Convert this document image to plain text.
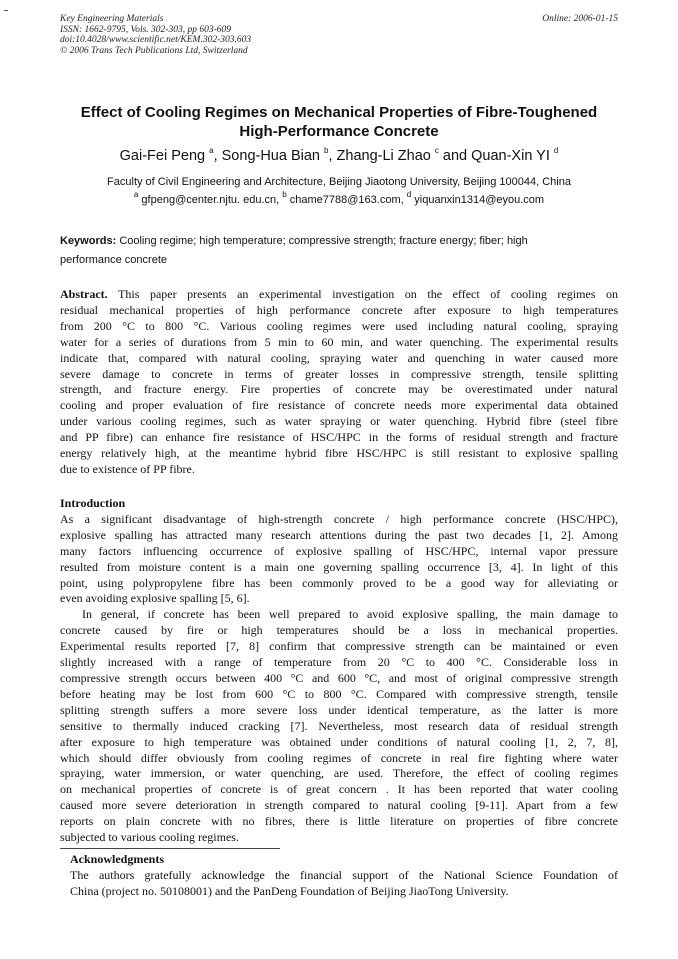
Key Engineering Materials
ISSN: 1662-9795, Vols. 302-303, pp 603-609
doi:10.4028/www.scientific.net/KEM.302-303.603
© 2006 Trans Tech Publications Ltd, Switzerland
Online: 2006-01-15
Effect of Cooling Regimes on Mechanical Properties of Fibre-Toughened
High-Performance Concrete
Gai-Fei Peng $^a$, Song-Hua Bian $^b$, Zhang-Li Zhao $^c$ and Quan-Xin YI $^d$
Faculty of Civil Engineering and Architecture, Beijing Jiaotong University, Beijing 100044, China
$^a$ gfpeng@center.njtu. edu.cn, $^b$ chame7788@163.com, $^d$ yiquanxin1314@eyou.com
Keywords: Cooling regime; high temperature; compressive strength; fracture energy; fiber; high
performance concrete
Abstract. This paper presents an experimental investigation on the effect of cooling regimes on
residual mechanical properties of high performance concrete after exposure to high temperatures
from 200 °C to 800 °C. Various cooling regimes were used including natural cooling, spraying
water for a series of durations from 5 min to 60 min, and water quenching. The experimental results
indicate that, compared with natural cooling, spraying water and quenching in water caused more
severe damage to concrete in terms of greater losses in compressive strength, tensile splitting
strength, and fracture energy. Fire properties of concrete may be overestimated under natural
cooling and proper evaluation of fire resistance of concrete needs more experimental data obtained
under various cooling regimes, such as water spraying or water quenching. Hybrid fibre (steel fibre
and PP fibre) can enhance fire resistance of HSC/HPC in the forms of residual strength and fracture
energy relatively high, at the meantime hybrid fibre HSC/HPC is still resistant to explosive spalling
due to existence of PP fibre.
Introduction
As a significant disadvantage of high-strength concrete / high performance concrete (HSC/HPC),
explosive spalling has attracted many research attentions during the past two decades [1, 2]. Among
many factors influencing occurrence of explosive spalling of HSC/HPC, internal vapor pressure
resulted from moisture content is a main one governing spalling occurrence [3, 4]. In light of this
point, using polypropylene fibre has been commonly proved to be a good way for alleviating or
even avoiding explosive spalling [5, 6].
In general, if concrete has been well prepared to avoid explosive spalling, the main damage to
concrete caused by fire or high temperatures should be a loss in mechanical properties.
Experimental results reported [7, 8] confirm that compressive strength can be maintained or even
slightly increased with a range of temperature from 20 °C to 400 °C. Considerable loss in
compressive strength occurs between 400 °C and 600 °C, and most of original compressive strength
before heating may be lost from 600 °C to 800 °C. Compared with compressive strength, tensile
splitting strength suffers a more severe loss under identical temperature, as the latter is more
sensitive to thermally induced cracking [7]. Nevertheless, most research data of residual strength
after exposure to high temperature was obtained under conditions of natural cooling [1, 2, 7, 8],
which should differ obviously from cooling regimes of concrete in real fire fighting where water
spraying, water immersion, or water quenching, are used. Therefore, the effect of cooling regimes
on mechanical properties of concrete is of great concern . It has been reported that water cooling
caused more severe deterioration in strength compared to natural cooling [9-11]. Apart from a few
reports on plain concrete with no fibres, there is little literature on properties of fibre concrete
subjected to various cooling regimes.
Acknowledgments
The authors gratefully acknowledge the financial support of the National Science Foundation of
China (project no. 50108001) and the PanDeng Foundation of Beijing JiaoTong University.
